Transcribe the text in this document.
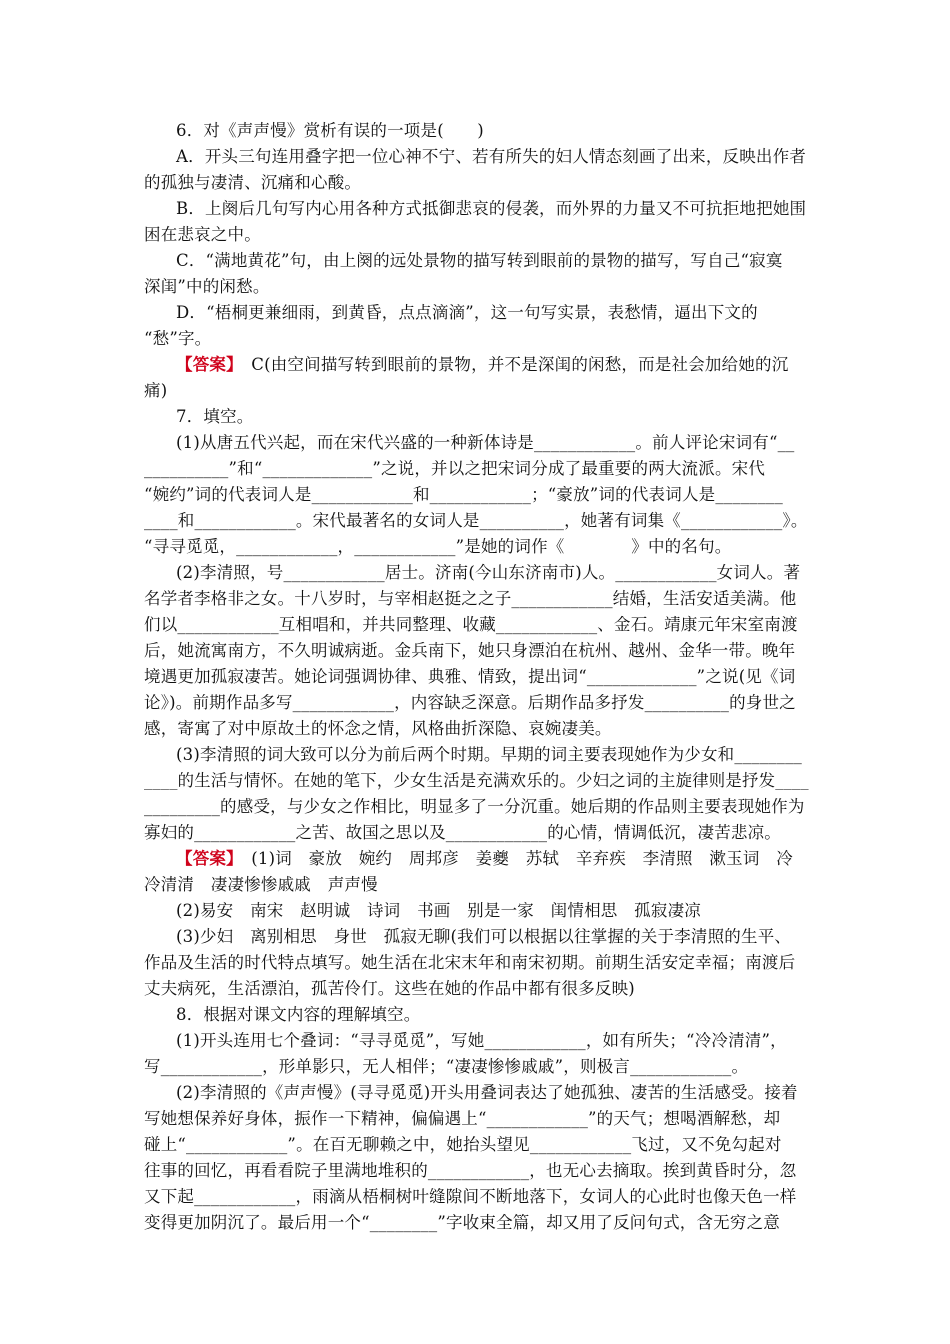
6．对《声声慢》赏析有误的一项是(　　)
A．开头三句连用叠字把一位心神不宁、若有所失的妇人情态刻画了出来，反映出作者
的孤独与凄清、沉痛和心酸。
B．上阕后几句写内心用各种方式抵御悲哀的侵袭，而外界的力量又不可抗拒地把她围
困在悲哀之中。
C．“满地黄花”句，由上阕的远处景物的描写转到眼前的景物的描写，写自己“寂寞
深闺”中的闲愁。
D．“梧桐更兼细雨，到黄昏，点点滴滴”，这一句写实景，表愁情，逼出下文的
“愁”字。
【答案】　C(由空间描写转到眼前的景物，并不是深闺的闲愁，而是社会加给她的沉
痛)
7．填空。
(1)从唐五代兴起，而在宋代兴盛的一种新体诗是____________。前人评论宋词有“__
__________”和“_____________”之说，并以之把宋词分成了最重要的两大流派。宋代
“婉约”词的代表词人是____________和____________；“豪放”词的代表词人是________
____和____________。宋代最著名的女词人是__________，她著有词集《____________》。
“寻寻觅觅，____________，____________”是她的词作《　　　　》中的名句。
(2)李清照，号____________居士。济南(今山东济南市)人。____________女词人。著
名学者李格非之女。十八岁时，与宰相赵挺之之子____________结婚，生活安适美满。他
们以____________互相唱和，并共同整理、收藏____________、金石。靖康元年宋室南渡
后，她流寓南方，不久明诚病逝。金兵南下，她只身漂泊在杭州、越州、金华一带。晚年
境遇更加孤寂凄苦。她论词强调协律、典雅、情致，提出词“_____________”之说(见《词
论》)。前期作品多写____________，内容缺乏深意。后期作品多抒发__________的身世之
感，寄寓了对中原故土的怀念之情，风格曲折深隐、哀婉凄美。
(3)李清照的词大致可以分为前后两个时期。早期的词主要表现她作为少女和________
____的生活与情怀。在她的笔下，少女生活是充满欢乐的。少妇之词的主旋律则是抒发____
_________的感受，与少女之作相比，明显多了一分沉重。她后期的作品则主要表现她作为
寡妇的____________之苦、故国之思以及____________的心情，情调低沉，凄苦悲凉。
【答案】　(1)词　豪放　婉约　周邦彦　姜夔　苏轼　辛弃疾　李清照　漱玉词　冷
冷清清　凄凄惨惨戚戚　声声慢
(2)易安　南宋　赵明诚　诗词　书画　别是一家　闺情相思　孤寂凄凉
(3)少妇　离别相思　身世　孤寂无聊(我们可以根据以往掌握的关于李清照的生平、
作品及生活的时代特点填写。她生活在北宋末年和南宋初期。前期生活安定幸福；南渡后
丈夫病死，生活漂泊，孤苦伶仃。这些在她的作品中都有很多反映)
8．根据对课文内容的理解填空。
(1)开头连用七个叠词：“寻寻觅觅”，写她____________，如有所失；“冷冷清清”，
写____________，形单影只，无人相伴；“凄凄惨惨戚戚”，则极言____________。
(2)李清照的《声声慢》(寻寻觅觅)开头用叠词表达了她孤独、凄苦的生活感受。接着
写她想保养好身体，振作一下精神，偏偏遇上“____________”的天气；想喝酒解愁，却
碰上“____________”。在百无聊赖之中，她抬头望见____________飞过，又不免勾起对
往事的回忆，再看看院子里满地堆积的____________，也无心去摘取。挨到黄昏时分，忽
又下起____________，雨滴从梧桐树叶缝隙间不断地落下，女词人的心此时也像天色一样
变得更加阴沉了。最后用一个“________”字收束全篇，却又用了反问句式，含无穷之意
